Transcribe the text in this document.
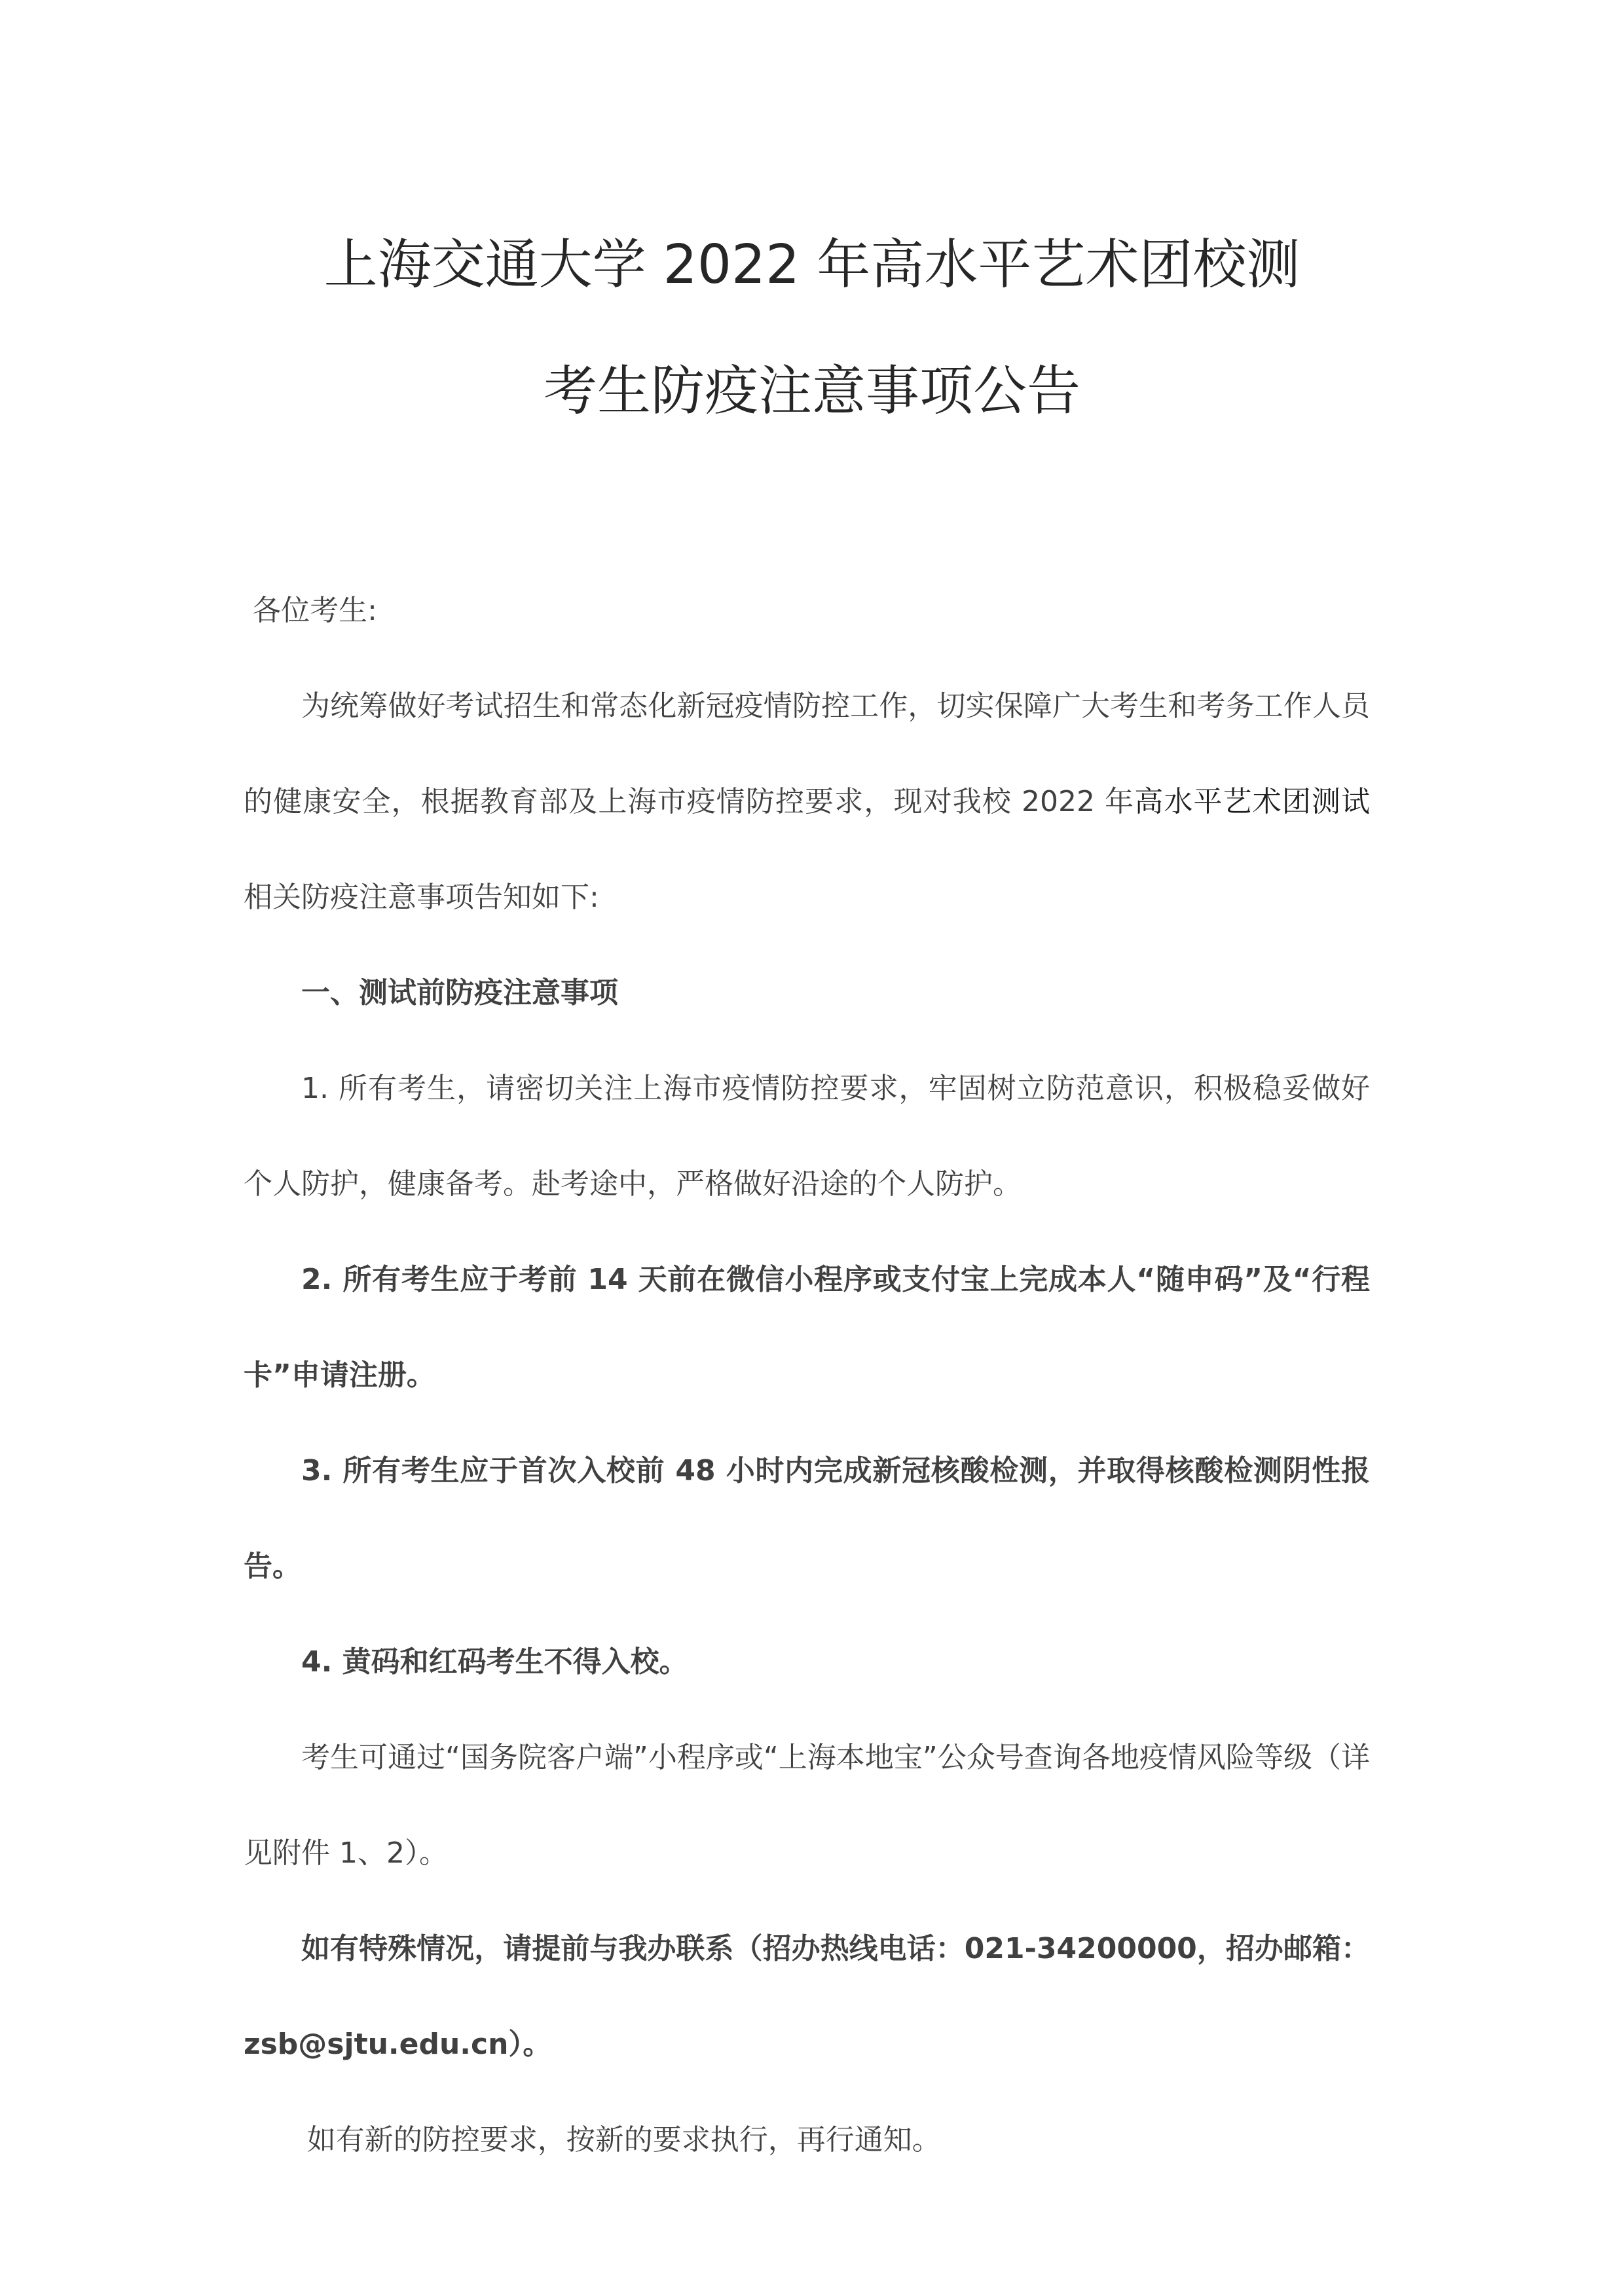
上海交通大学 2022 年高水平艺术团校测
考生防疫注意事项公告

各位考生:

为统筹做好考试招生和常态化新冠疫情防控工作，切实保障广大考生和考务工作人员的健康安全，根据教育部及上海市疫情防控要求，现对我校 2022 年高水平艺术团测试相关防疫注意事项告知如下:

一、测试前防疫注意事项

1. 所有考生，请密切关注上海市疫情防控要求，牢固树立防范意识，积极稳妥做好个人防护，健康备考。赴考途中，严格做好沿途的个人防护。

2. 所有考生应于考前 14 天前在微信小程序或支付宝上完成本人“随申码”及“行程卡”申请注册。

3. 所有考生应于首次入校前 48 小时内完成新冠核酸检测，并取得核酸检测阴性报告。

4. 黄码和红码考生不得入校。

考生可通过“国务院客户端”小程序或“上海本地宝”公众号查询各地疫情风险等级（详见附件 1、2）。

如有特殊情况，请提前与我办联系（招办热线电话：021-34200000，招办邮箱：zsb@sjtu.edu.cn）。

如有新的防控要求，按新的要求执行，再行通知。
